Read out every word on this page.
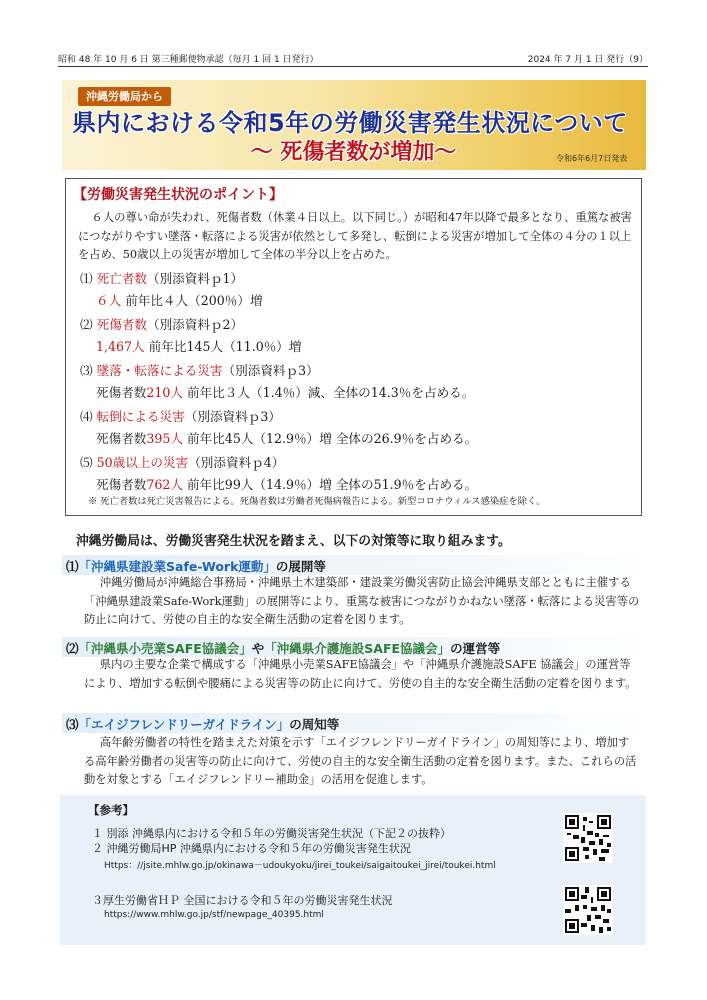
昭和 48 年 10 月 6 日 第三種郵便物承認（毎月 1 回 1 日発行）	2024 年 7 月 1 日 発行（9）
沖縄労働局から
県内における令和5年の労働災害発生状況について
～ 死傷者数が増加～	令和6年6月7日発表
【労働災害発生状況のポイント】
６人の尊い命が失われ、死傷者数（休業４日以上。以下同じ。）が昭和47年以降で最多となり、重篤な被害につながりやすい墜落・転落による災害が依然として多発し、転倒による災害が増加して全体の４分の１以上を占め、50歳以上の災害が増加して全体の半分以上を占めた。
⑴ 死亡者数（別添資料ｐ1）
６人 前年比４人（200％）増
⑵ 死傷者数（別添資料ｐ2）
1,467人 前年比145人（11.0％）増
⑶ 墜落・転落による災害（別添資料ｐ3）
死傷者数210人 前年比３人（1.4％）減、全体の14.3％を占める。
⑷ 転倒による災害（別添資料ｐ3）
死傷者数395人 前年比45人（12.9％）増 全体の26.9％を占める。
⑸ 50歳以上の災害（別添資料ｐ4）
死傷者数762人 前年比99人（14.9％）増 全体の51.9％を占める。
※ 死亡者数は死亡災害報告による。死傷者数は労働者死傷病報告による。新型コロナウィルス感染症を除く。
沖縄労働局は、労働災害発生状況を踏まえ、以下の対策等に取り組みます。
⑴「沖縄県建設業Safe-Work運動」の展開等
沖縄労働局が沖縄総合事務局・沖縄県土木建築部・建設業労働災害防止協会沖縄県支部とともに主催する「沖縄県建設業Safe-Work運動」の展開等により、重篤な被害につながりかねない墜落・転落による災害等の防止に向けて、労使の自主的な安全衛生活動の定着を図ります。
⑵「沖縄県小売業SAFE協議会」や「沖縄県介護施設SAFE協議会」の運営等
県内の主要な企業で構成する「沖縄県小売業SAFE協議会」や「沖縄県介護施設SAFE 協議会」の運営等により、増加する転倒や腰痛による災害等の防止に向けて、労使の自主的な安全衛生活動の定着を図ります。
⑶「エイジフレンドリーガイドライン」の周知等
高年齢労働者の特性を踏まえた対策を示す「エイジフレンドリーガイドライン」の周知等により、増加する高年齢労働者の災害等の防止に向けて、労使の自主的な安全衛生活動の定着を図ります。また、これらの活動を対象とする「エイジフレンドリー補助金」の活用を促進します。
【参考】
１ 別添 沖縄県内における令和５年の労働災害発生状況（下記２の抜粋）
２ 沖縄労働局HP 沖縄県内における令和５年の労働災害発生状況
Https：//jsite.mhlw.go.jp/okinawa－udoukyoku/jirei_toukei/saigaitoukei_jirei/toukei.html
３厚生労働省ＨＰ 全国における令和５年の労働災害発生状況
https://www.mhlw.go.jp/stf/newpage_40395.html
